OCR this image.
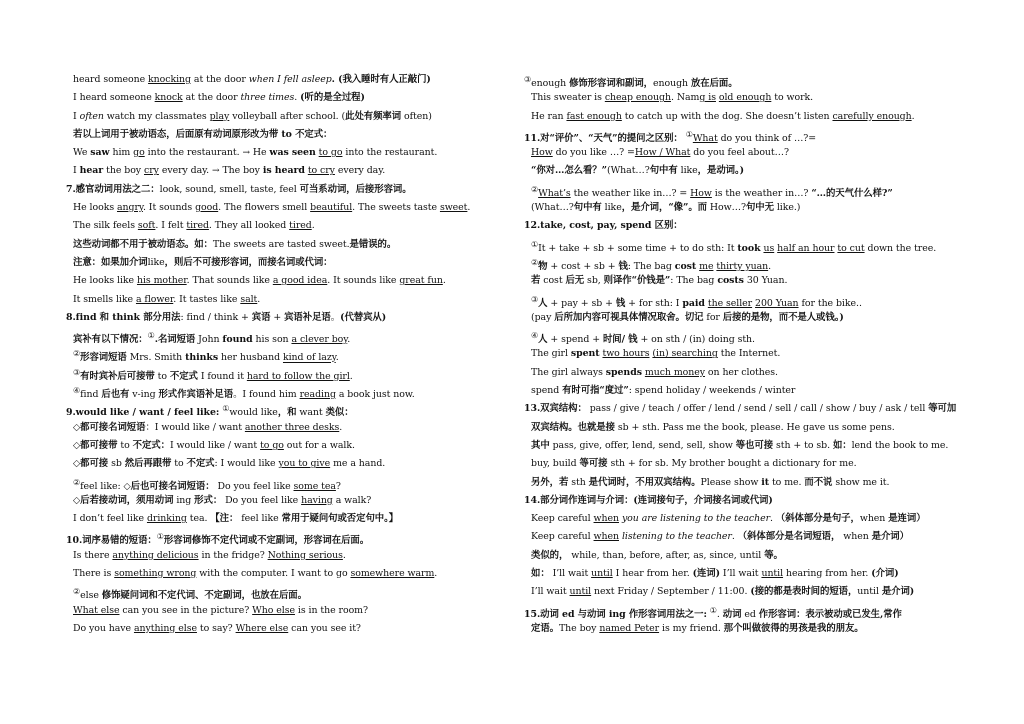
heard someone knocking at the door when I fell asleep. (我入睡时有人正敲门)
I heard someone knock at the door three times. (听的是全过程)
I often watch my classmates play volleyball after school. (此处有频率词 often)
若以上词用于被动语态，后面原有动词原形改为带 to 不定式：
We saw him go into the restaurant. → He was seen to go into the restaurant.
I hear the boy cry every day. → The boy is heard to cry every day.
7.感官动词用法之二：look, sound, smell, taste, feel 可当系动词，后接形容词。
He looks angry. It sounds good. The flowers smell beautiful. The sweets taste sweet.
The silk feels soft. I felt tired. They all looked tired.
这些动词都不用于被动语态。如：The sweets are tasted sweet.是错误的。
注意：如果加介词like，则后不可接形容词，而接名词或代词：
He looks like his mother. That sounds like a good idea. It sounds like great fun.
It smells like a flower. It tastes like salt.
8.find 和 think 部分用法: find / think + 宾语 + 宾语补足语。(代替宾从)
宾补有以下情况：①.名词短语 John found his son a clever boy.
②形容词短语 Mrs. Smith thinks her husband kind of lazy.
③有时宾补后可接带 to 不定式 I found it hard to follow the girl.
④find 后也有 v-ing 形式作宾语补足语。I found him reading a book just now.
9.would like / want / feel like: ①would like，和 want 类似：
◇都可接名词短语：I would like / want another three desks.
◇都可接带 to 不定式：I would like / want to go out for a walk.
◇都可接 sb 然后再跟带 to 不定式: I would like you to give me a hand.
②feel like: ◇后也可接名词短语： Do you feel like some tea?
◇后若接动词，须用动词 ing 形式： Do you feel like having a walk?
I don’t feel like drinking tea. 【注： feel like 常用于疑问句或否定句中。】
10.词序易错的短语：①形容词修饰不定代词或不定副词，形容词在后面。
Is there anything delicious in the fridge? Nothing serious.
There is something wrong with the computer. I want to go somewhere warm.
②else 修饰疑问词和不定代词、不定副词，也放在后面。
What else can you see in the picture? Who else is in the room?
Do you have anything else to say? Where else can you see it?
③enough 修饰形容词和副词，enough 放在后面。
This sweater is cheap enough. Namg is old enough to work.
He ran fast enough to catch up with the dog. She doesn’t listen carefully enough.
11.对“评价”、“天气”的提问之区别： ①What do you think of …?=
How do you like …? =How / What do you feel about…?
“你对…怎么看？”(What…?句中有 like，是动词。)
②What’s the weather like in…? = How is the weather in…? “…的天气什么样?”
(What…?句中有 like，是介词，“像”。而 How…?句中无 like.)
12.take, cost, pay, spend 区别：
①It + take + sb + some time + to do sth: It took us half an hour to cut down the tree.
②物 + cost + sb + 钱: The bag cost me thirty yuan.
若 cost 后无 sb, 则译作“价钱是”: The bag costs 30 Yuan.
③人 + pay + sb + 钱 + for sth: I paid the seller 200 Yuan for the bike..
(pay 后所加内容可视具体情况取舍。切记 for 后接的是物，而不是人或钱。)
④人 + spend + 时间/ 钱 + on sth / (in) doing sth.
The girl spent two hours (in) searching the Internet.
The girl always spends much money on her clothes.
spend 有时可指“度过”: spend holiday / weekends / winter
13.双宾结构： pass / give / teach / offer / lend / send / sell / call / show / buy / ask / tell 等可加
双宾结构。也就是接 sb + sth. Pass me the book, please. He gave us some pens.
其中 pass, give, offer, lend, send, sell, show 等也可接 sth + to sb. 如：lend the book to me.
buy, build 等可接 sth + for sb. My brother bought a dictionary for me.
另外，若 sth 是代词时，不用双宾结构。Please show it to me. 而不说 show me it.
14.部分词作连词与介词：(连词接句子，介词接名词或代词)
Keep careful when you are listening to the teacher. （斜体部分是句子，when 是连词）
Keep careful when listening to the teacher. （斜体部分是名词短语， when 是介词）
类似的， while, than, before, after, as, since, until 等。
如： I’ll wait until I hear from her. (连词) I’ll wait until hearing from her. (介词)
I’ll wait until next Friday / September / 11:00. (接的都是表时间的短语，until 是介词)
15.动词 ed 与动词 ing 作形容词用法之一: ①. 动词 ed 作形容词：表示被动或已发生,常作
定语。The boy named Peter is my friend. 那个叫做彼得的男孩是我的朋友。
